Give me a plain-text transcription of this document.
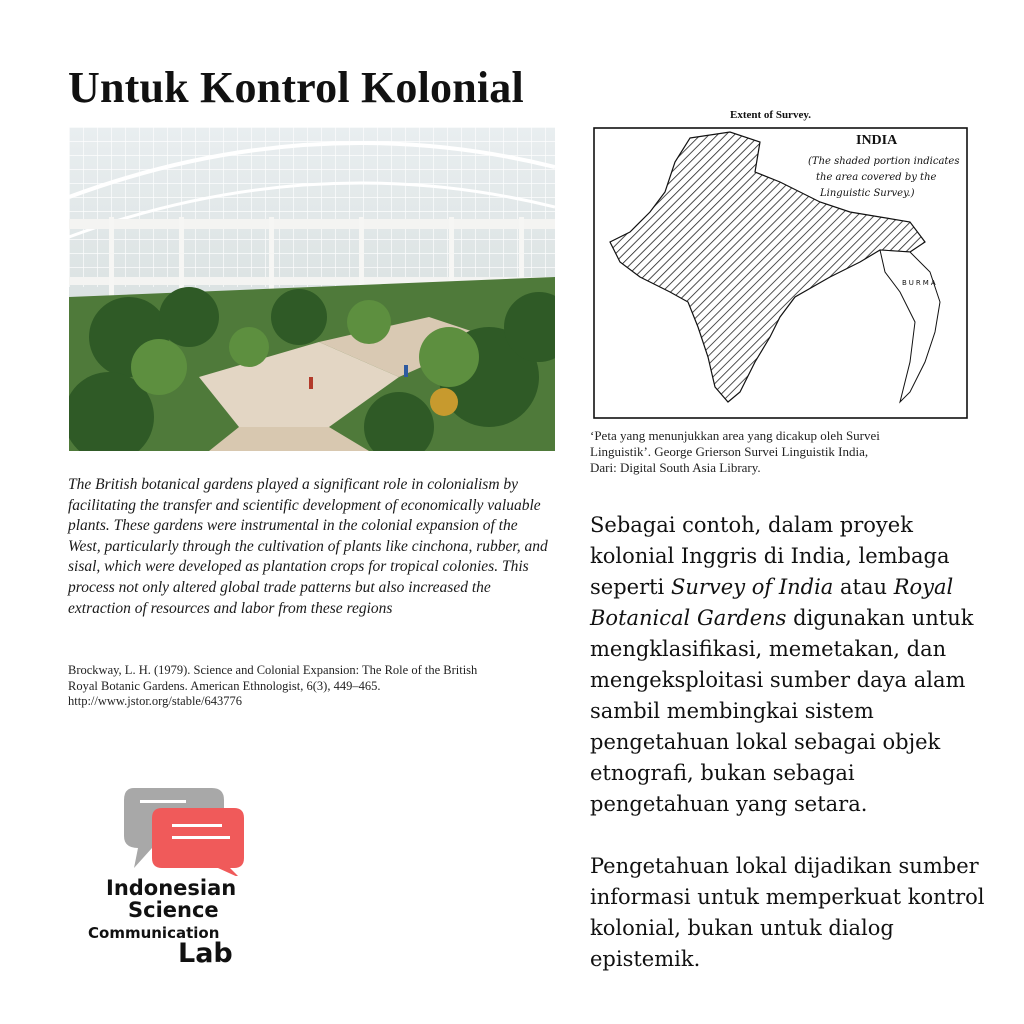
Untuk Kontrol Kolonial
Extent of Survey.
INDIA
(The shaded portion indicates
the area covered by the
Linguistic Survey.)
BURMA
‘Peta yang menunjukkan area yang dicakup oleh Survei
Linguistik’. George Grierson Survei Linguistik India,
Dari: Digital South Asia Library.
The British botanical gardens played a significant role in colonialism by facilitating the transfer and scientific development of economically valuable plants. These gardens were instrumental in the colonial expansion of the West, particularly through the cultivation of plants like cinchona, rubber, and sisal, which were developed as plantation crops for tropical colonies. This process not only altered global trade patterns but also increased the extraction of resources and labor from these regions
Brockway, L. H. (1979). Science and Colonial Expansion: The Role of the British
Royal Botanic Gardens. American Ethnologist, 6(3), 449–465.
http://www.jstor.org/stable/643776

Sebagai contoh, dalam proyek kolonial Inggris di India, lembaga seperti Survey of India atau Royal Botanical Gardens digunakan untuk mengklasifikasi, memetakan, dan mengeksploitasi sumber daya alam sambil membingkai sistem pengetahuan lokal sebagai objek etnografi, bukan sebagai pengetahuan yang setara.

Pengetahuan lokal dijadikan sumber informasi untuk memperkuat kontrol kolonial, bukan untuk dialog epistemik.

Indonesian
Science
Communication
Lab
